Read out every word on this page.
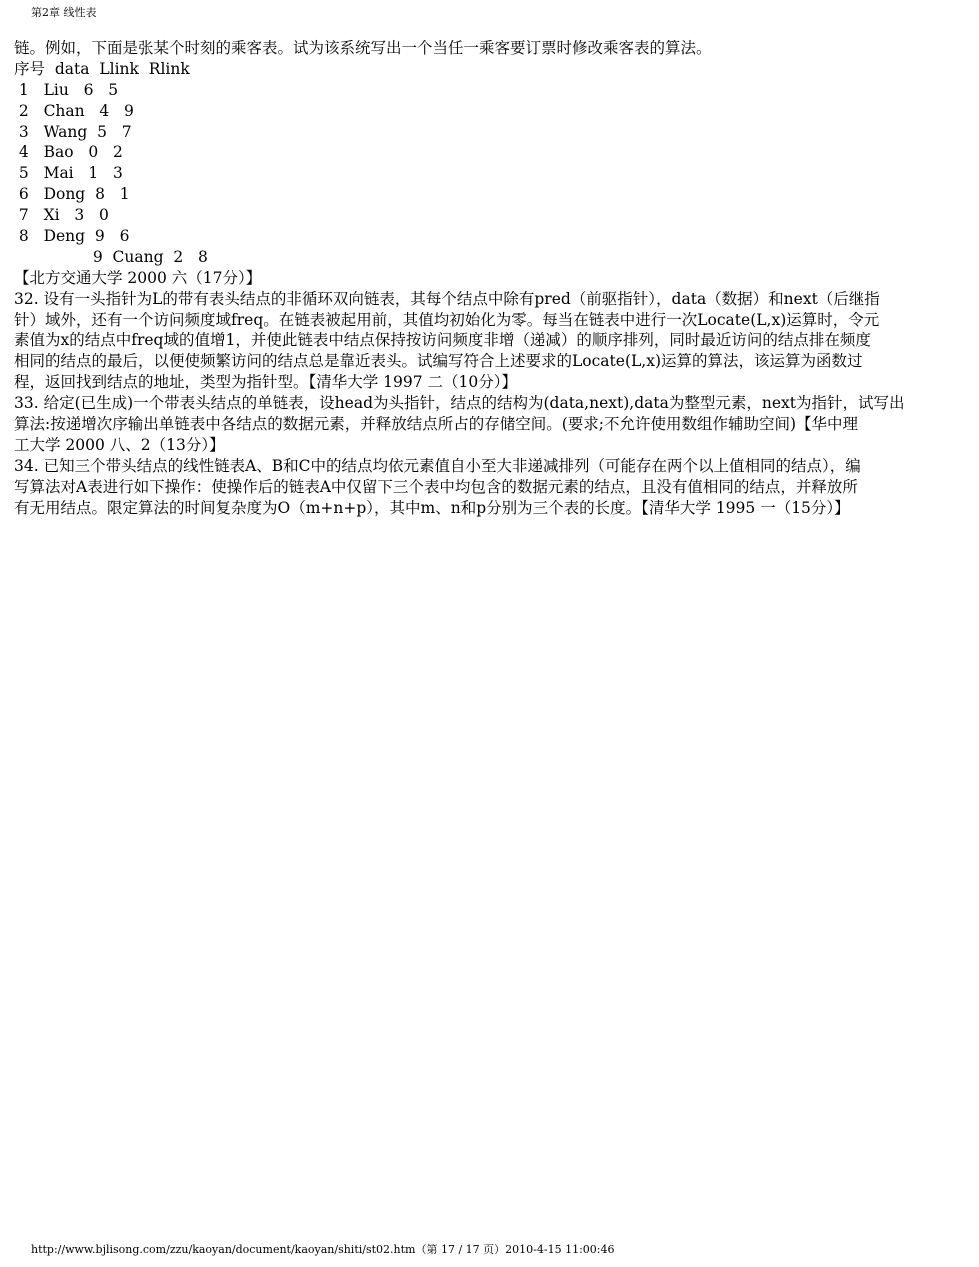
第2章 线性表
链。例如，下面是张某个时刻的乘客表。试为该系统写出一个当任一乘客要订票时修改乘客表的算法。
序号  data  Llink  Rlink
1   Liu   6   5
2   Chan   4   9
3   Wang  5   7
4   Bao   0   2
5   Mai   1   3
6   Dong  8   1
7   Xi   3   0
8   Deng  9   6
9  Cuang  2   8
【北方交通大学 2000 六（17分）】
32. 设有一头指针为L的带有表头结点的非循环双向链表，其每个结点中除有pred（前驱指针），data（数据）和next（后继指
针）域外，还有一个访问频度域freq。在链表被起用前，其值均初始化为零。每当在链表中进行一次Locate(L,x)运算时，令元
素值为x的结点中freq域的值增1，并使此链表中结点保持按访问频度非增（递减）的顺序排列，同时最近访问的结点排在频度
相同的结点的最后，以便使频繁访问的结点总是靠近表头。试编写符合上述要求的Locate(L,x)运算的算法，该运算为函数过
程，返回找到结点的地址，类型为指针型。【清华大学 1997 二（10分）】
33. 给定(已生成)一个带表头结点的单链表，设head为头指针，结点的结构为(data,next),data为整型元素，next为指针，试写出
算法:按递增次序输出单链表中各结点的数据元素，并释放结点所占的存储空间。(要求;不允许使用数组作辅助空间)【华中理
工大学 2000 八、2（13分）】
34. 已知三个带头结点的线性链表A、B和C中的结点均依元素值自小至大非递减排列（可能存在两个以上值相同的结点），编
写算法对A表进行如下操作：使操作后的链表A中仅留下三个表中均包含的数据元素的结点，且没有值相同的结点，并释放所
有无用结点。限定算法的时间复杂度为O（m+n+p），其中m、n和p分别为三个表的长度。【清华大学 1995 一（15分）】
http://www.bjlisong.com/zzu/kaoyan/document/kaoyan/shiti/st02.htm（第 17 / 17 页）2010-4-15 11:00:46
